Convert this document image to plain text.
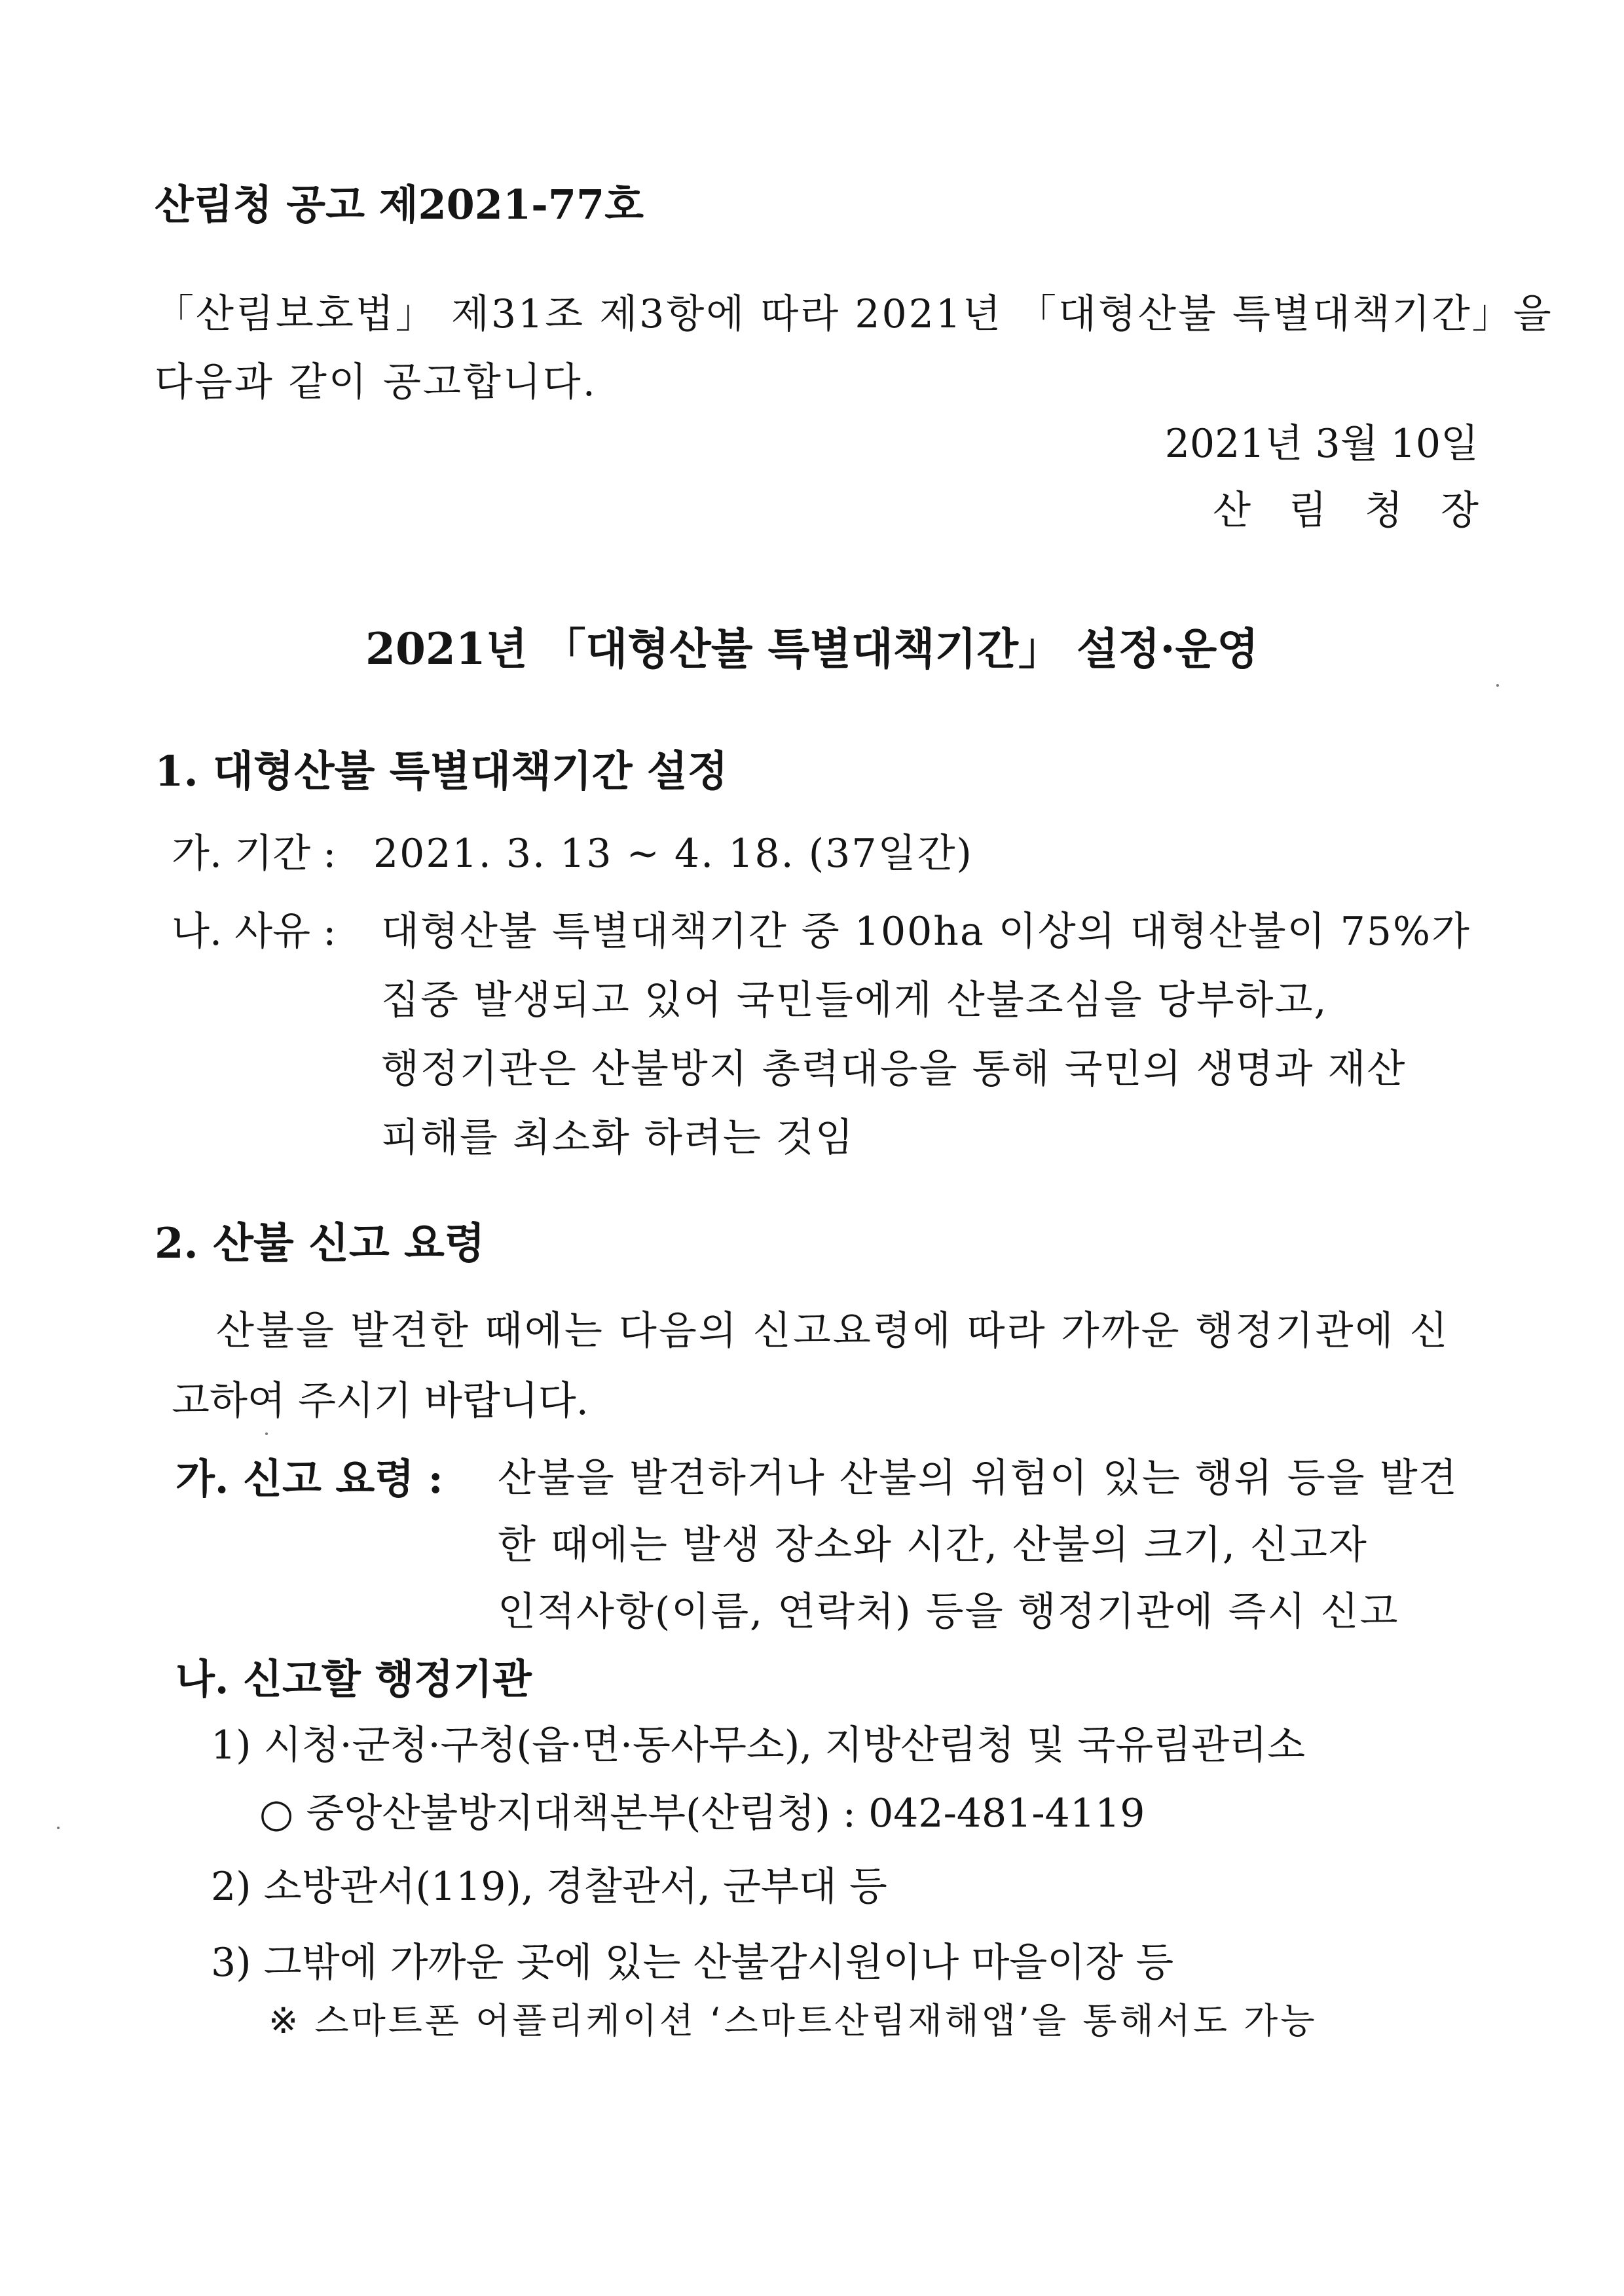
산림청 공고 제2021-77호
「산림보호법」 제31조 제3항에 따라 2021년 「대형산불 특별대책기간」을
다음과 같이 공고합니다.
2021년 3월 10일
산림청장
2021년 「대형산불 특별대책기간」 설정·운영
1. 대형산불 특별대책기간 설정
가. 기간 : 2021. 3. 13 ~ 4. 18. (37일간)
나. 사유 : 대형산불 특별대책기간 중 100ha 이상의 대형산불이 75%가
집중 발생되고 있어 국민들에게 산불조심을 당부하고,
행정기관은 산불방지 총력대응을 통해 국민의 생명과 재산
피해를 최소화 하려는 것임
2. 산불 신고 요령
산불을 발견한 때에는 다음의 신고요령에 따라 가까운 행정기관에 신
고하여 주시기 바랍니다.
가. 신고 요령 : 산불을 발견하거나 산불의 위험이 있는 행위 등을 발견
한 때에는 발생 장소와 시간, 산불의 크기, 신고자
인적사항(이름, 연락처) 등을 행정기관에 즉시 신고
나. 신고할 행정기관
1) 시청·군청·구청(읍·면·동사무소), 지방산림청 및 국유림관리소
○ 중앙산불방지대책본부(산림청) : 042-481-4119
2) 소방관서(119), 경찰관서, 군부대 등
3) 그밖에 가까운 곳에 있는 산불감시원이나 마을이장 등
※ 스마트폰 어플리케이션 ‘스마트산림재해앱’을 통해서도 가능
